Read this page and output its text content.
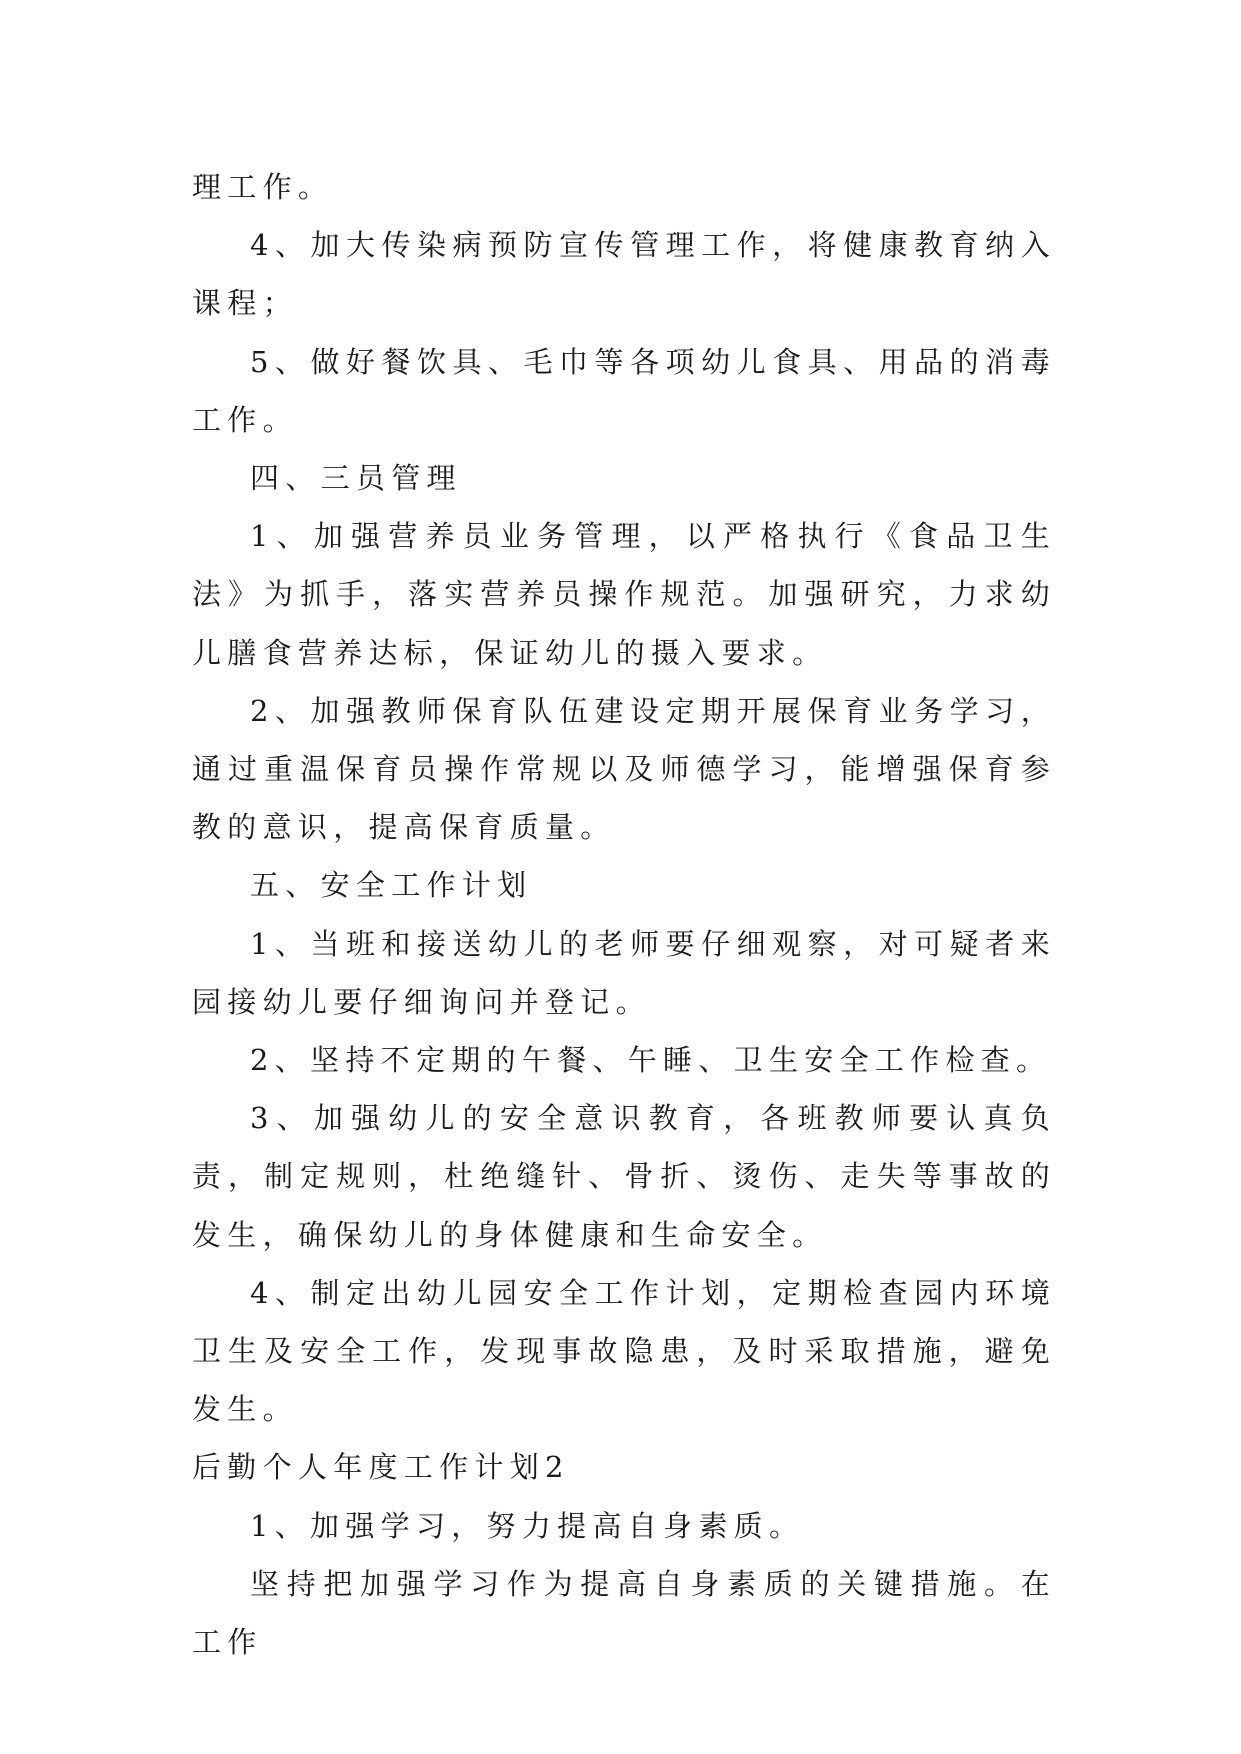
理工作。

4、加大传染病预防宣传管理工作，将健康教育纳入课程；

5、做好餐饮具、毛巾等各项幼儿食具、用品的消毒工作。

四、三员管理

1、加强营养员业务管理，以严格执行《食品卫生法》为抓手，落实营养员操作规范。加强研究，力求幼儿膳食营养达标，保证幼儿的摄入要求。

2、加强教师保育队伍建设定期开展保育业务学习，通过重温保育员操作常规以及师德学习，能增强保育参教的意识，提高保育质量。

五、安全工作计划

1、当班和接送幼儿的老师要仔细观察，对可疑者来园接幼儿要仔细询问并登记。

2、坚持不定期的午餐、午睡、卫生安全工作检查。

3、加强幼儿的安全意识教育，各班教师要认真负责，制定规则，杜绝缝针、骨折、烫伤、走失等事故的发生，确保幼儿的身体健康和生命安全。

4、制定出幼儿园安全工作计划，定期检查园内环境卫生及安全工作，发现事故隐患，及时采取措施，避免发生。

后勤个人年度工作计划2

1、加强学习，努力提高自身素质。

坚持把加强学习作为提高自身素质的关键措施。在工作
